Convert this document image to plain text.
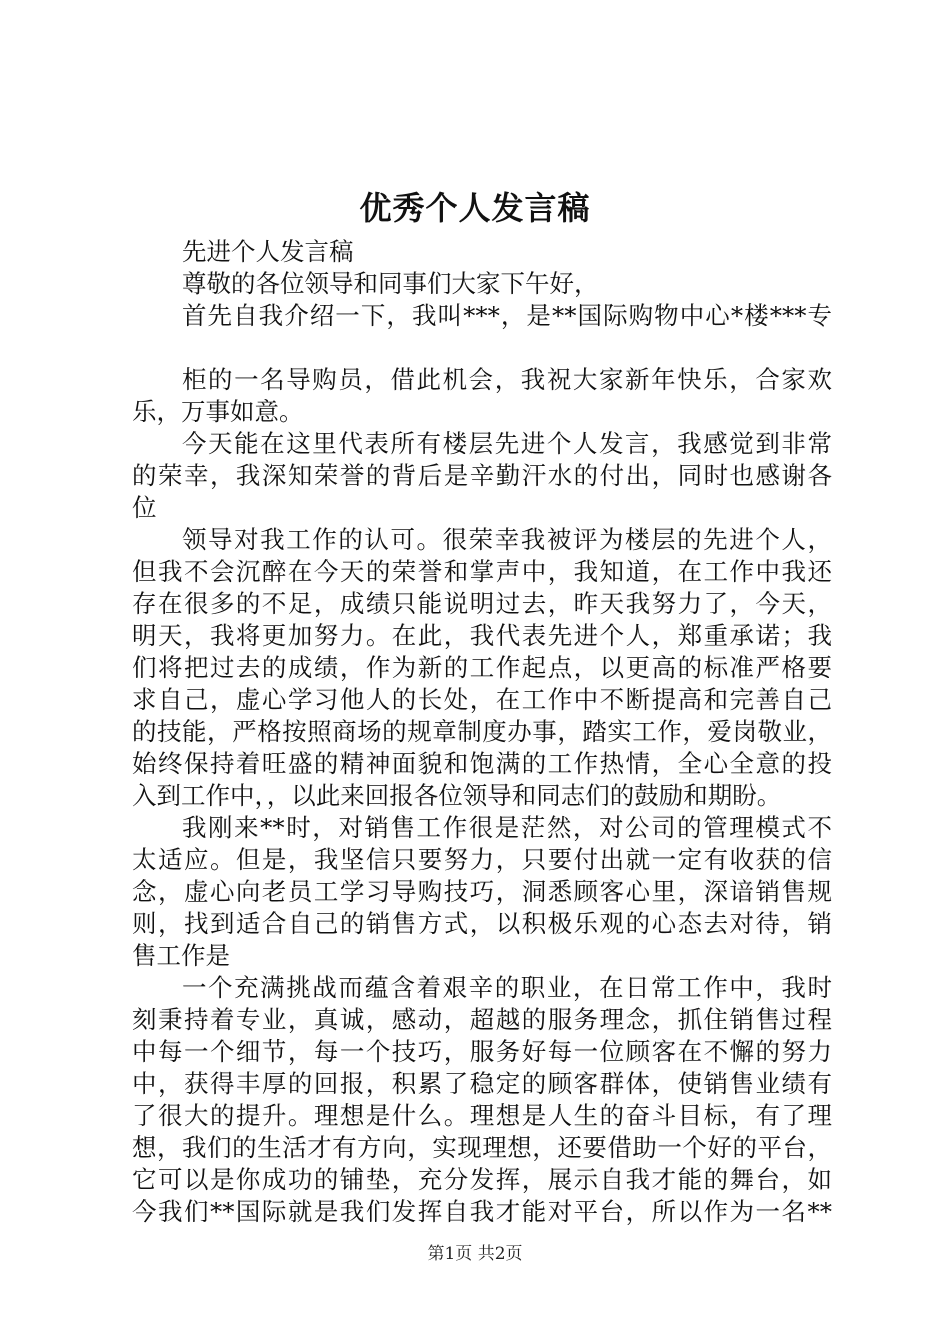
优秀个人发言稿
先进个人发言稿
尊敬的各位领导和同事们大家下午好，
首先自我介绍一下，我叫***，是**国际购物中心*楼***专
柜的一名导购员，借此机会，我祝大家新年快乐，合家欢
乐，万事如意。
今天能在这里代表所有楼层先进个人发言，我感觉到非常
的荣幸，我深知荣誉的背后是辛勤汗水的付出，同时也感谢各
位
领导对我工作的认可。很荣幸我被评为楼层的先进个人，
但我不会沉醉在今天的荣誉和掌声中，我知道，在工作中我还
存在很多的不足，成绩只能说明过去，昨天我努力了，今天，
明天，我将更加努力。在此，我代表先进个人，郑重承诺；我
们将把过去的成绩，作为新的工作起点，以更高的标准严格要
求自己，虚心学习他人的长处，在工作中不断提高和完善自己
的技能，严格按照商场的规章制度办事，踏实工作，爱岗敬业，
始终保持着旺盛的精神面貌和饱满的工作热情，全心全意的投
入到工作中，，以此来回报各位领导和同志们的鼓励和期盼。
我刚来**时，对销售工作很是茫然，对公司的管理模式不
太适应。但是，我坚信只要努力，只要付出就一定有收获的信
念，虚心向老员工学习导购技巧，洞悉顾客心里，深谙销售规
则，找到适合自己的销售方式，以积极乐观的心态去对待，销
售工作是
一个充满挑战而蕴含着艰辛的职业，在日常工作中，我时
刻秉持着专业，真诚，感动，超越的服务理念，抓住销售过程
中每一个细节，每一个技巧，服务好每一位顾客在不懈的努力
中，获得丰厚的回报，积累了稳定的顾客群体，使销售业绩有
了很大的提升。理想是什么。理想是人生的奋斗目标，有了理
想，我们的生活才有方向，实现理想，还要借助一个好的平台，
它可以是你成功的铺垫，充分发挥，展示自我才能的舞台，如
今我们**国际就是我们发挥自我才能对平台，所以作为一名**
第1页 共2页
